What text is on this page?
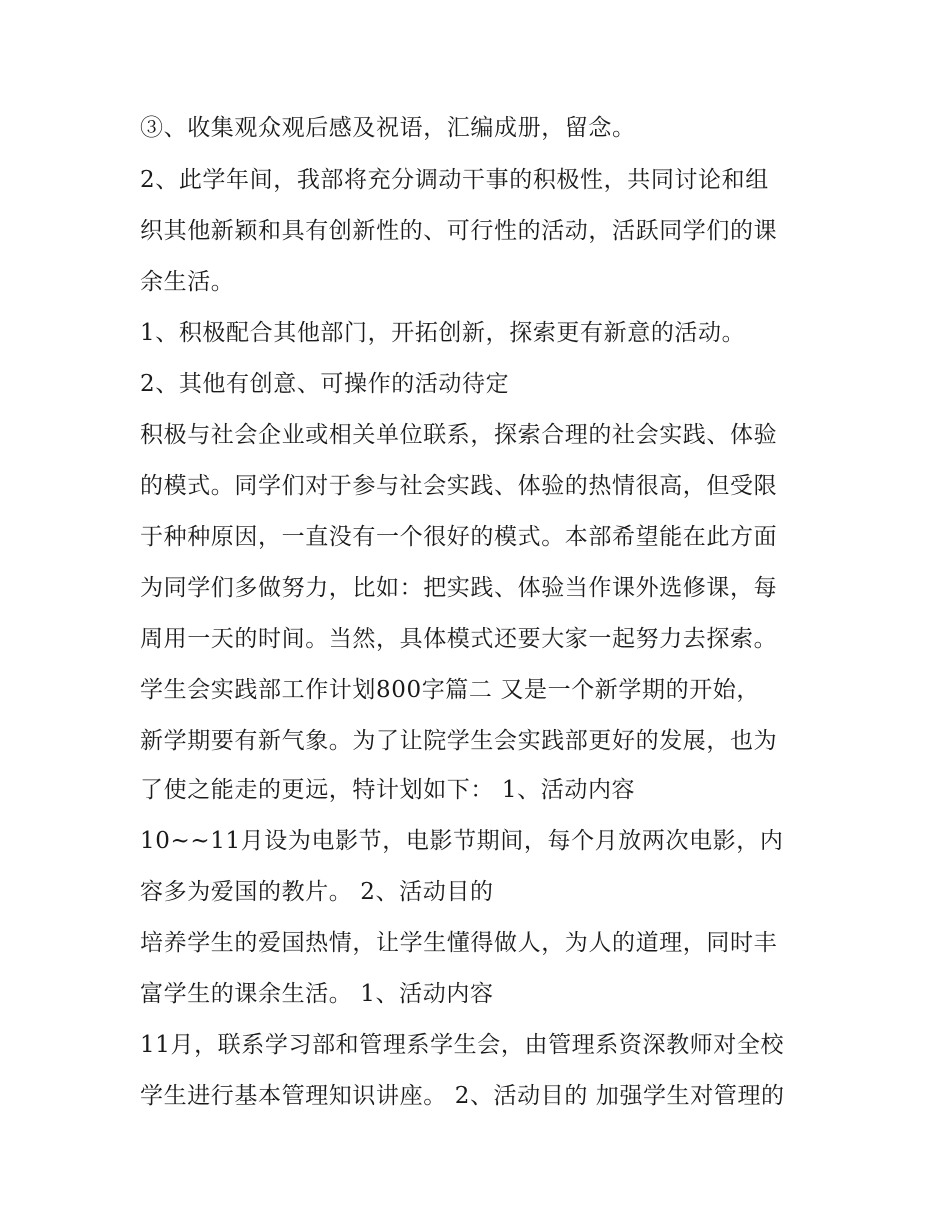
③、收集观众观后感及祝语，汇编成册，留念。
2、此学年间，我部将充分调动干事的积极性，共同讨论和组
织其他新颖和具有创新性的、可行性的活动，活跃同学们的课
余生活。
1、积极配合其他部门，开拓创新，探索更有新意的活动。
2、其他有创意、可操作的活动待定
积极与社会企业或相关单位联系，探索合理的社会实践、体验
的模式。同学们对于参与社会实践、体验的热情很高，但受限
于种种原因，一直没有一个很好的模式。本部希望能在此方面
为同学们多做努力，比如：把实践、体验当作课外选修课，每
周用一天的时间。当然，具体模式还要大家一起努力去探索。
学生会实践部工作计划800字篇二 又是一个新学期的开始，
新学期要有新气象。为了让院学生会实践部更好的发展，也为
了使之能走的更远，特计划如下： 1、活动内容
10~~11月设为电影节，电影节期间，每个月放两次电影，内
容多为爱国的教片。 2、活动目的
培养学生的爱国热情，让学生懂得做人，为人的道理，同时丰
富学生的课余生活。 1、活动内容
11月，联系学习部和管理系学生会，由管理系资深教师对全校
学生进行基本管理知识讲座。 2、活动目的 加强学生对管理的
